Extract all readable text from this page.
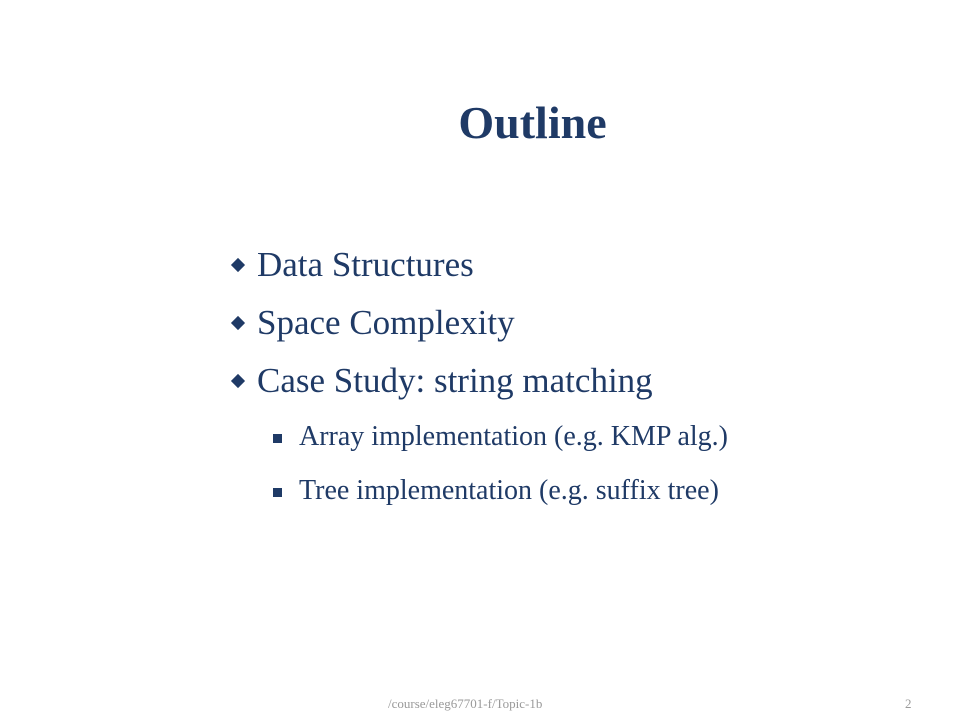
Outline
Data Structures
Space Complexity
Case Study: string matching
Array implementation (e.g. KMP alg.)
Tree implementation (e.g. suffix tree)
/course/eleg67701-f/Topic-1b	2
